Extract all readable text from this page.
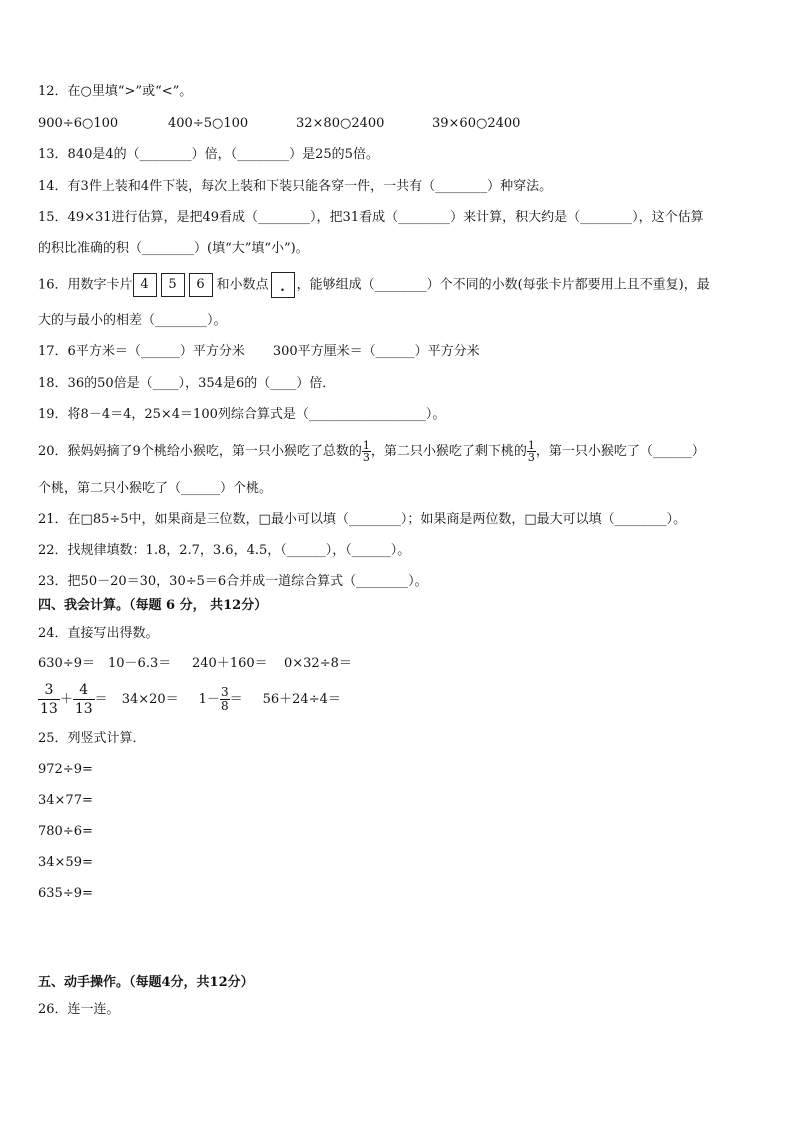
12．在○里填“>”或“<”。
900÷6○100	400÷5○100	32×80○2400	39×60○2400
13．840是4的（________）倍，（________）是25的5倍。
14．有3件上装和4件下装，每次上装和下装只能各穿一件，一共有（________）种穿法。
15．49×31进行估算，是把49看成（________），把31看成（________）来计算，积大约是（________），这个估算
的积比准确的积（________）(填“大”填“小”)。
16．用数字卡片 4 5 6 和小数点 . ，能够组成（________）个不同的小数(每张卡片都要用上且不重复)，最
大的与最小的相差（________）。
17．6平方米＝（______）平方分米 300平方厘米＝（______）平方分米
18．36的50倍是（____），354是6的（____）倍．
19．将8－4＝4，25×4＝100列综合算式是（__________________）。
20．猴妈妈摘了9个桃给小猴吃，第一只小猴吃了总数的 $\frac{1}{3}$ ，第二只小猴吃了剩下桃的 $\frac{1}{3}$ ，第一只小猴吃了（______）
个桃，第二只小猴吃了（______）个桃。
21．在□85÷5中，如果商是三位数，□最小可以填（________）；如果商是两位数，□最大可以填（________）。
22．找规律填数：1.8，2.7，3.6，4.5，（______），（______）。
23．把50－20＝30，30÷5＝6合并成一道综合算式（________）。
四、我会计算。（每题 6 分， 共12分）
24．直接写出得数。
630÷9＝ 10－6.3＝ 240＋160＝ 0×32÷8＝
$\frac{3}{13} + \frac{4}{13} = 34\times 20= 1- \frac{3}{8} = 56+24\div 4=$
25．列竖式计算．
972÷9=
34×77=
780÷6=
34×59=
635÷9=
五、动手操作。（每题4分，共12分）
26．连一连。
